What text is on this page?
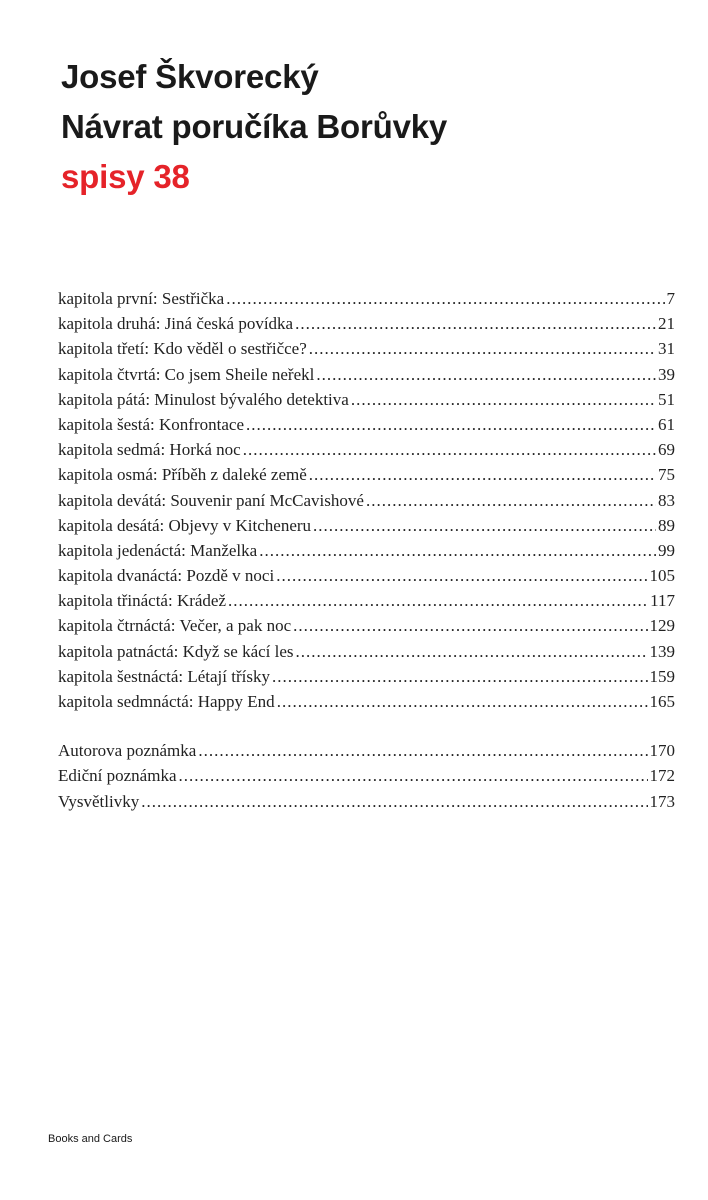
Josef Škvorecký
Návrat poručíka Borůvky
spisy 38
kapitola první: Sestřička .....	7
kapitola druhá: Jiná česká povídka .....	21
kapitola třetí: Kdo věděl o sestřičce? .....	31
kapitola čtvrtá: Co jsem Sheile neřekl .....	39
kapitola pátá: Minulost bývalého detektiva .....	51
kapitola šestá: Konfrontace .....	61
kapitola sedmá: Horká noc .....	69
kapitola osmá: Příběh z daleké země .....	75
kapitola devátá: Souvenir paní McCavishové .....	83
kapitola desátá: Objevy v Kitcheneru .....	89
kapitola jedenáctá: Manželka .....	99
kapitola dvanáctá: Pozdě v noci .....	105
kapitola třináctá: Krádež .....	117
kapitola čtrnáctá: Večer, a pak noc .....	129
kapitola patnáctá: Když se kácí les .....	139
kapitola šestnáctá: Létají třísky .....	159
kapitola sedmnáctá: Happy End .....	165
Autorova poznámka .....	170
Ediční poznámka .....	172
Vysvětlivky .....	173
Books and Cards
